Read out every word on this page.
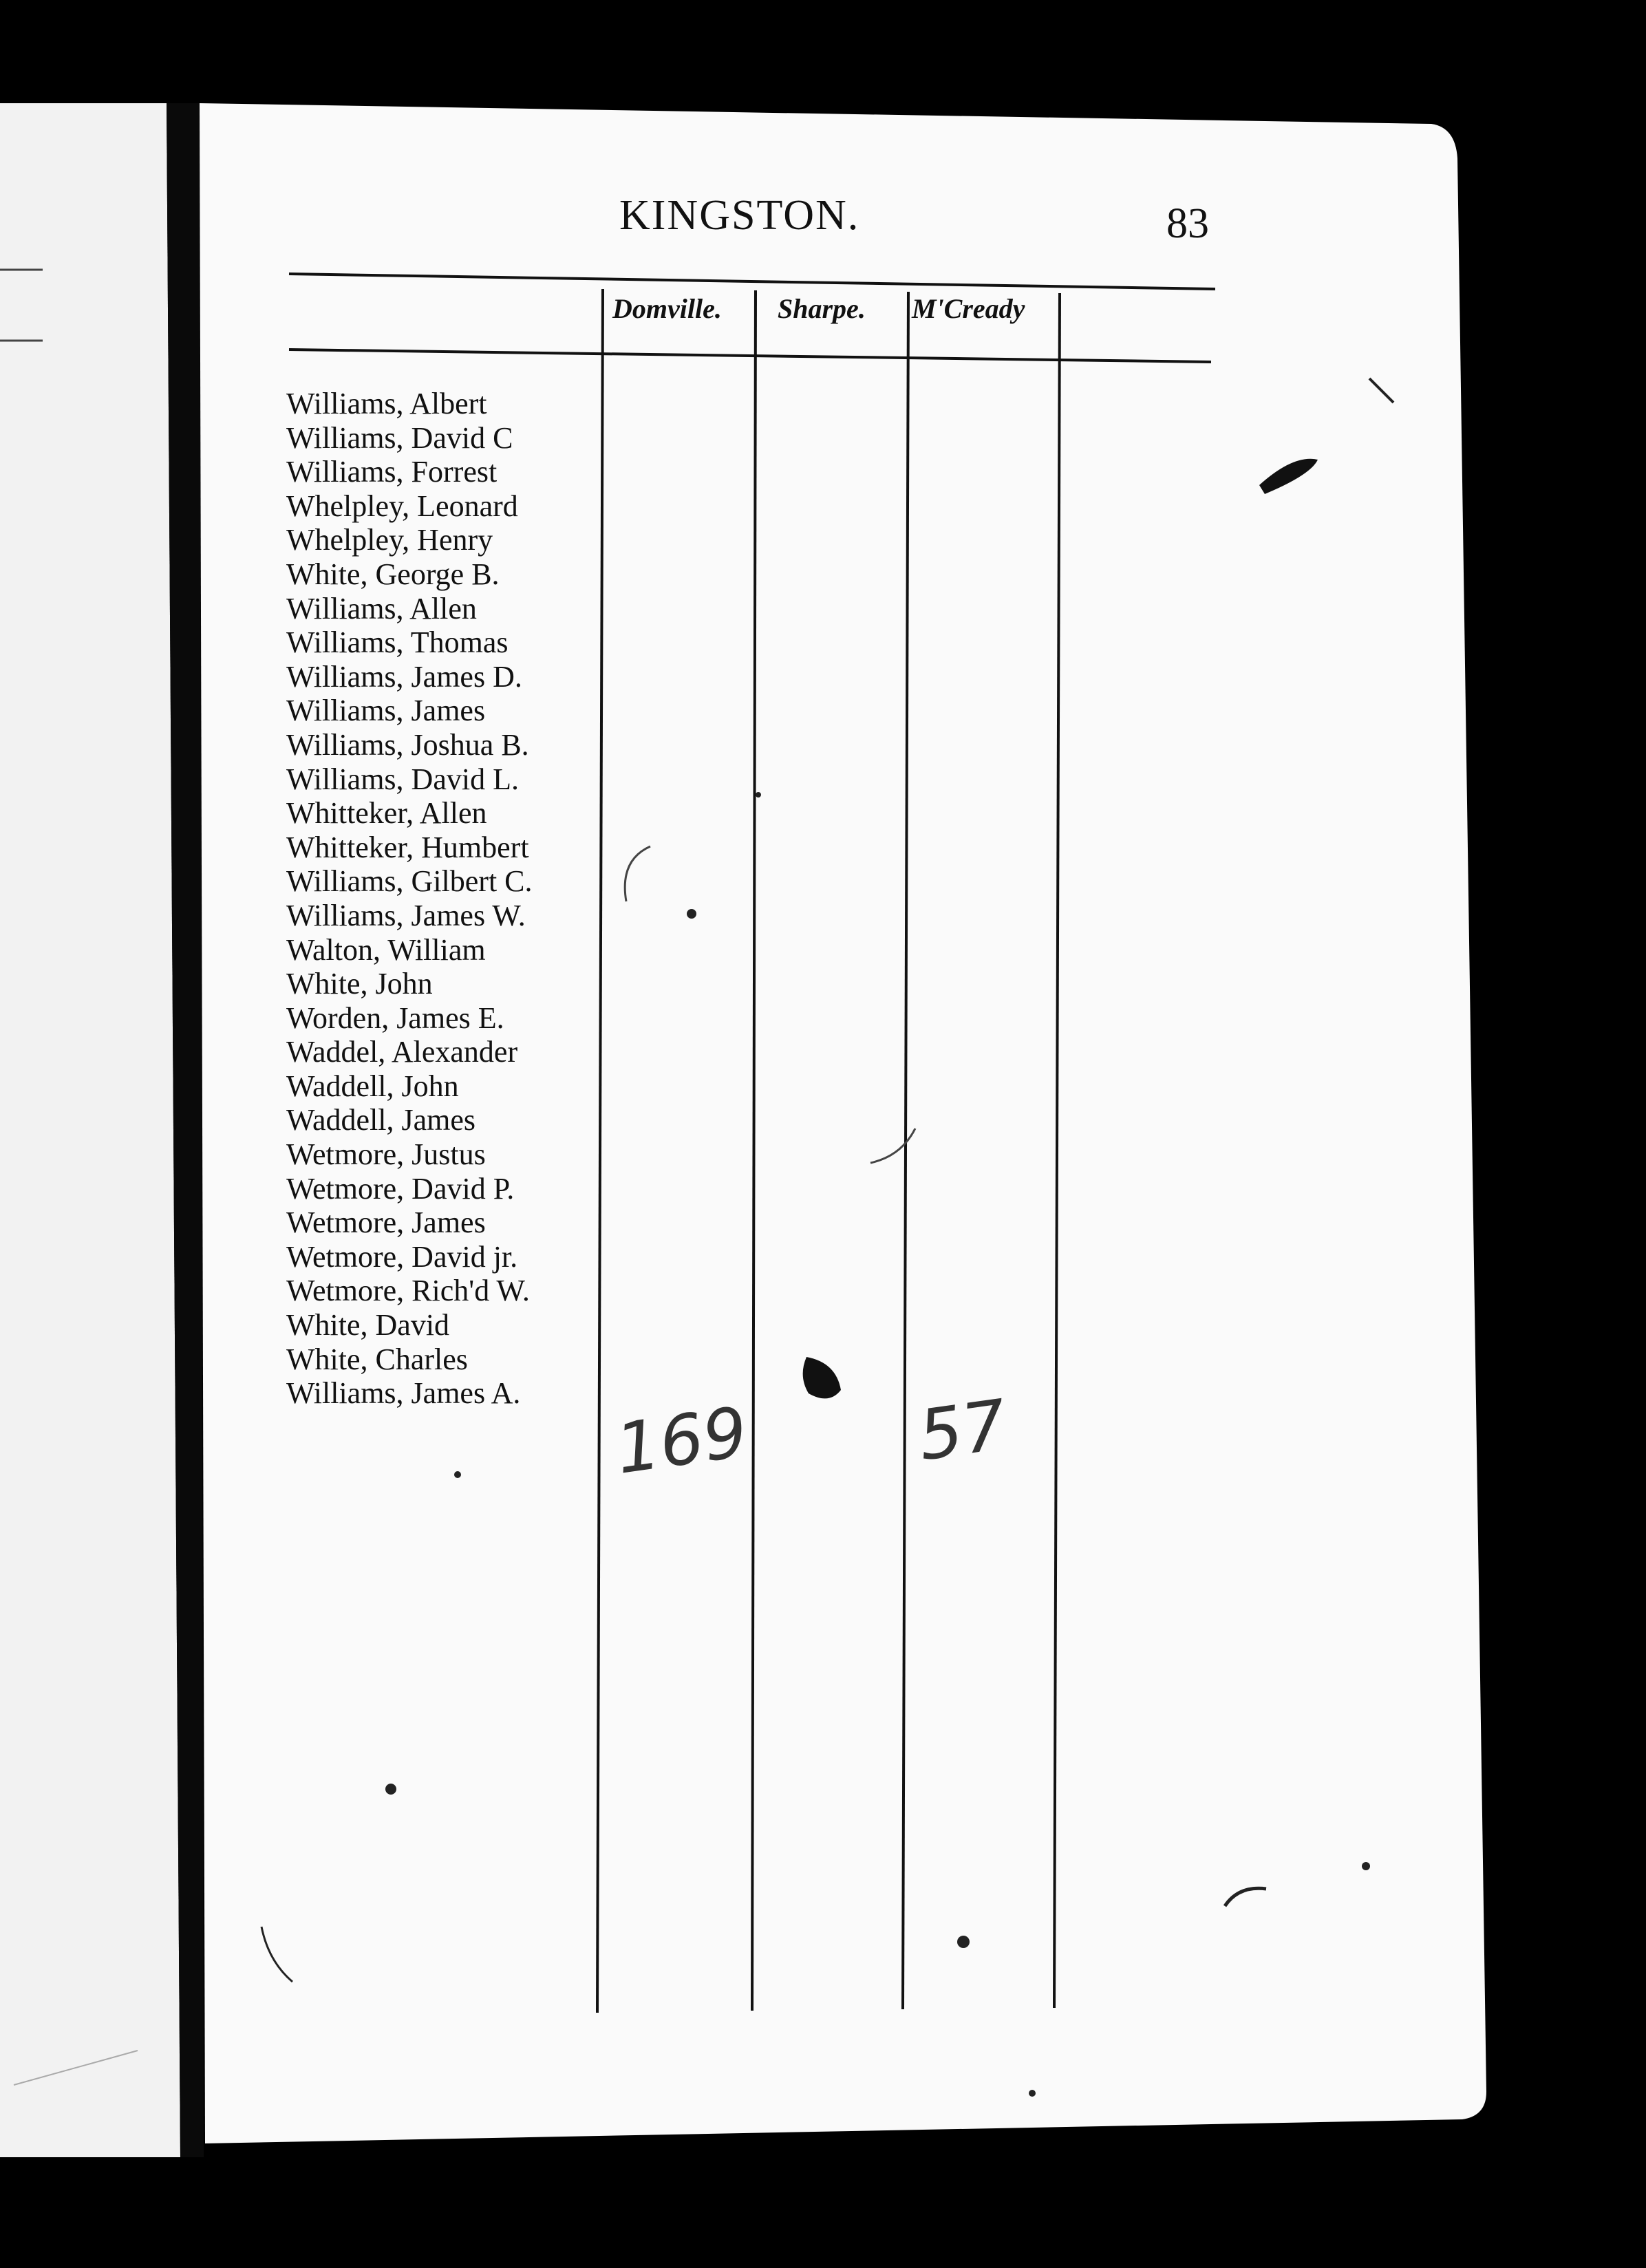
KINGSTON.	83
Domville. Sharpe. M'Cready
Williams, Albert
Williams, David C
Williams, Forrest
Whelpley, Leonard
Whelpley, Henry
White, George B.
Williams, Allen
Williams, Thomas
Williams, James D.
Williams, James
Williams, Joshua B.
Williams, David L.
Whitteker, Allen
Whitteker, Humbert
Williams, Gilbert C.
Williams, James W.
Walton, William
White, John
Worden, James E.
Waddel, Alexander
Waddell, John
Waddell, James
Wetmore, Justus
Wetmore, David P.
Wetmore, James
Wetmore, David jr.
Wetmore, Rich'd W.
White, David
White, Charles
Williams, James A. 169 57
